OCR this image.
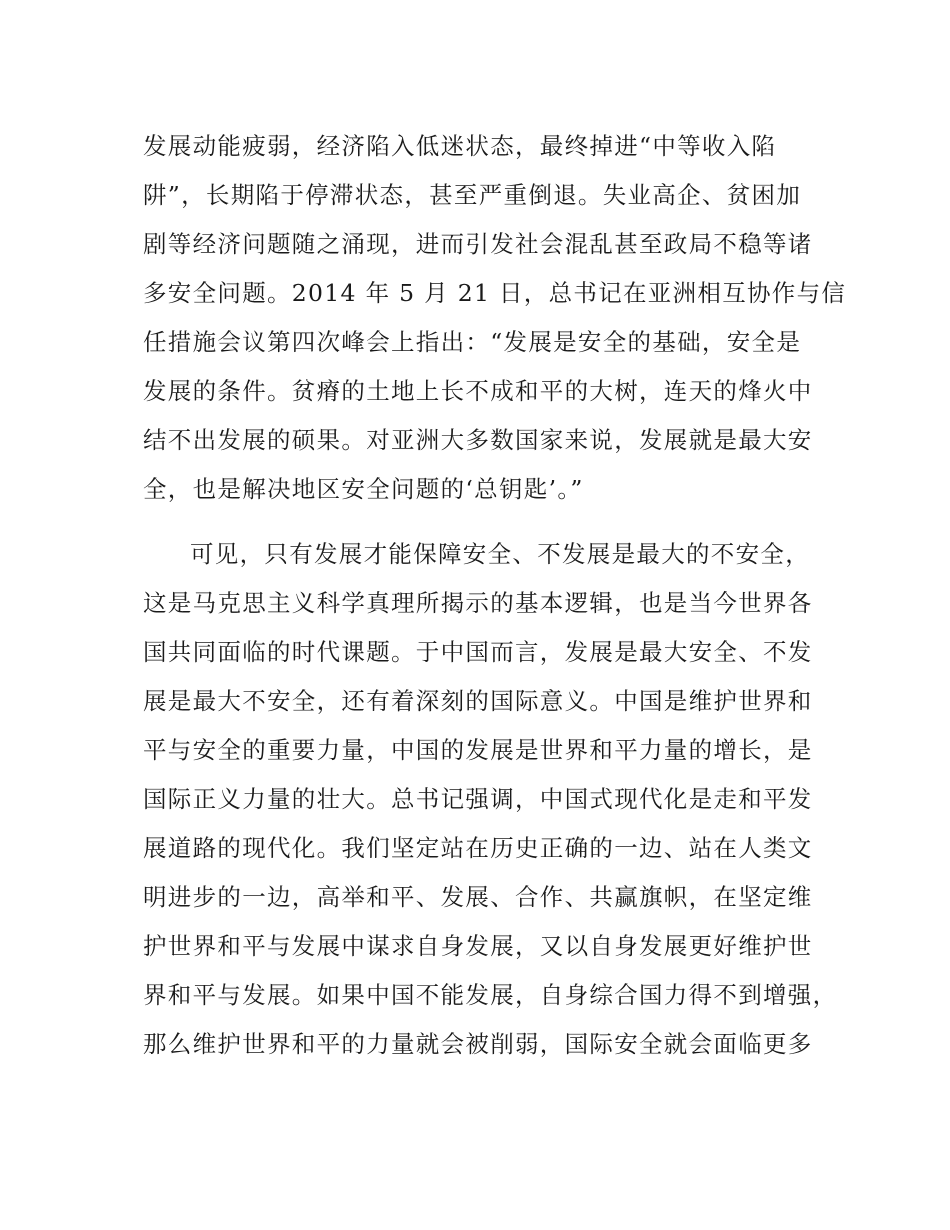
发展动能疲弱，经济陷入低迷状态，最终掉进“中等收入陷
阱”，长期陷于停滞状态，甚至严重倒退。失业高企、贫困加
剧等经济问题随之涌现，进而引发社会混乱甚至政局不稳等诸
多安全问题。2014 年 5 月 21 日，总书记在亚洲相互协作与信
任措施会议第四次峰会上指出：“发展是安全的基础，安全是
发展的条件。贫瘠的土地上长不成和平的大树，连天的烽火中
结不出发展的硕果。对亚洲大多数国家来说，发展就是最大安
全，也是解决地区安全问题的‘总钥匙’。”
可见，只有发展才能保障安全、不发展是最大的不安全，
这是马克思主义科学真理所揭示的基本逻辑，也是当今世界各
国共同面临的时代课题。于中国而言，发展是最大安全、不发
展是最大不安全，还有着深刻的国际意义。中国是维护世界和
平与安全的重要力量，中国的发展是世界和平力量的增长，是
国际正义力量的壮大。总书记强调，中国式现代化是走和平发
展道路的现代化。我们坚定站在历史正确的一边、站在人类文
明进步的一边，高举和平、发展、合作、共赢旗帜，在坚定维
护世界和平与发展中谋求自身发展，又以自身发展更好维护世
界和平与发展。如果中国不能发展，自身综合国力得不到增强，
那么维护世界和平的力量就会被削弱，国际安全就会面临更多
